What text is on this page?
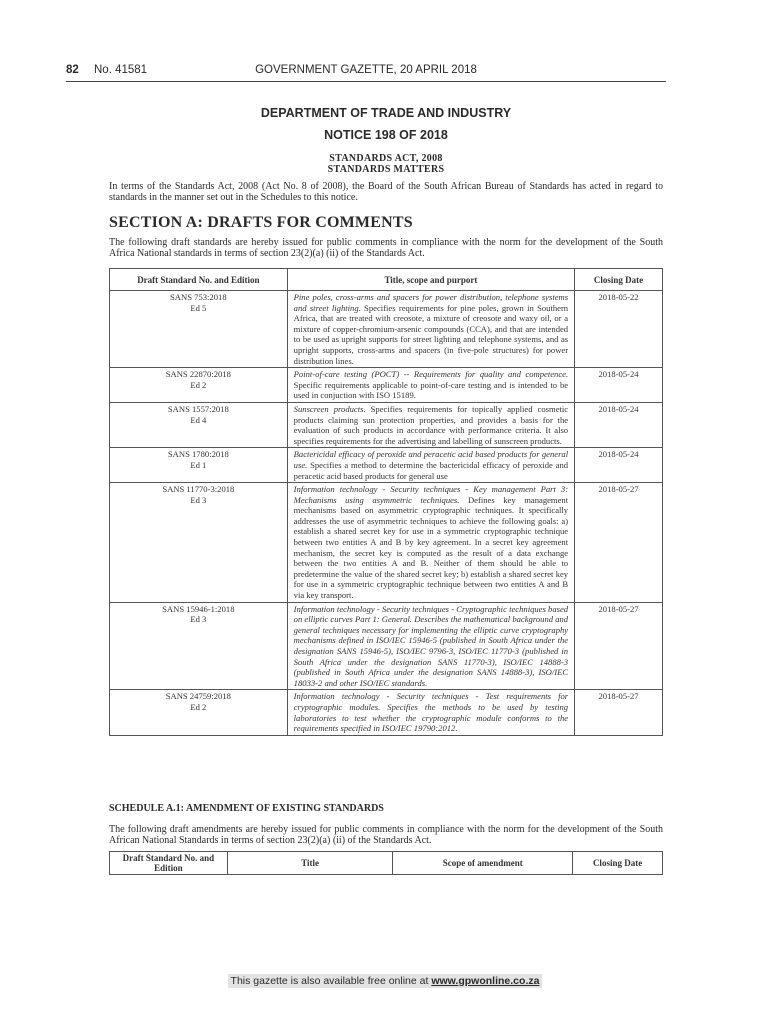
82 No. 41581	GOVERNMENT GAZETTE, 20 APRIL 2018
DEPARTMENT OF TRADE AND INDUSTRY
NOTICE 198 OF 2018
STANDARDS ACT, 2008
STANDARDS MATTERS
In terms of the Standards Act, 2008 (Act No. 8 of 2008), the Board of the South African Bureau of Standards has acted in regard to standards in the manner set out in the Schedules to this notice.
SECTION A: DRAFTS FOR COMMENTS
The following draft standards are hereby issued for public comments in compliance with the norm for the development of the South Africa National standards in terms of section 23(2)(a) (ii) of the Standards Act.
Draft Standard No. and Edition	Title, scope and purport	Closing Date

SANS 753:2018
Ed 5	Pine poles, cross-arms and spacers for power distribution, telephone systems and street lighting. Specifies requirements for pine poles, grown in Southern Africa, that are treated with creosote, a mixture of creosote and waxy oil, or a mixture of copper-chromium-arsenic compounds (CCA), and that are intended to be used as upright supports for street lighting and telephone systems, and as upright supports, cross-arms and spacers (in five-pole structures) for power distribution lines.	2018-05-22

SANS 22870:2018
Ed 2	Point-of-care testing (POCT) -- Requirements for quality and competence. Specific requirements applicable to point-of-care testing and is intended to be used in conjuction with ISO 15189.	2018-05-24

SANS 1557:2018
Ed 4	Sunscreen products. Specifies requirements for topically applied cosmetic products claiming sun protection properties, and provides a basis for the evaluation of such products in accordance with performance criteria. It also specifies requirements for the advertising and labelling of sunscreen products.	2018-05-24

SANS 1780:2018
Ed 1	Bactericidal efficacy of peroxide and peracetic acid based products for general use. Specifies a method to determine the bactericidal efficacy of peroxide and peracetic acid based products for general use	2018-05-24

SANS 11770-3:2018
Ed 3	Information technology - Security techniques - Key management Part 3: Mechanisms using asymmetric techniques. Defines key management mechanisms based on asymmetric cryptographic techniques. It specifically addresses the use of asymmetric techniques to achieve the following goals: a) establish a shared secret key for use in a symmetric cryptographic technique between two entities A and B by key agreement. In a secret key agreement mechanism, the secret key is computed as the result of a data exchange between the two entities A and B. Neither of them should be able to predetermine the value of the shared secret key; b) establish a shared secret key for use in a symmetric cryptographic technique between two entities A and B via key transport.	2018-05-27

SANS 15946-1:2018
Ed 3	Information technology - Security techniques - Cryptographic techniques based on elliptic curves Part 1: General. Describes the mathematical background and general techniques necessary for implementing the elliptic curve cryptography mechanisms defined in ISO/IEC 15946-5 (published in South Africa under the designation SANS 15946-5), ISO/IEC 9796-3, ISO/IEC 11770-3 (published in South Africa under the designation SANS 11770-3), ISO/IEC 14888-3 (published in South Africa under the designation SANS 14888-3), ISO/IEC 18033-2 and other ISO/IEC standards.	2018-05-27

SANS 24759:2018
Ed 2	Information technology - Security techniques - Test requirements for cryptographic modules. Specifies the methods to be used by testing laboratories to test whether the cryptographic module conforms to the requirements specified in ISO/IEC 19790:2012.	2018-05-27
SCHEDULE A.1: AMENDMENT OF EXISTING STANDARDS
The following draft amendments are hereby issued for public comments in compliance with the norm for the development of the South African National Standards in terms of section 23(2)(a) (ii) of the Standards Act.
Draft Standard No. and Edition	Title	Scope of amendment	Closing Date
This gazette is also available free online at www.gpwonline.co.za
